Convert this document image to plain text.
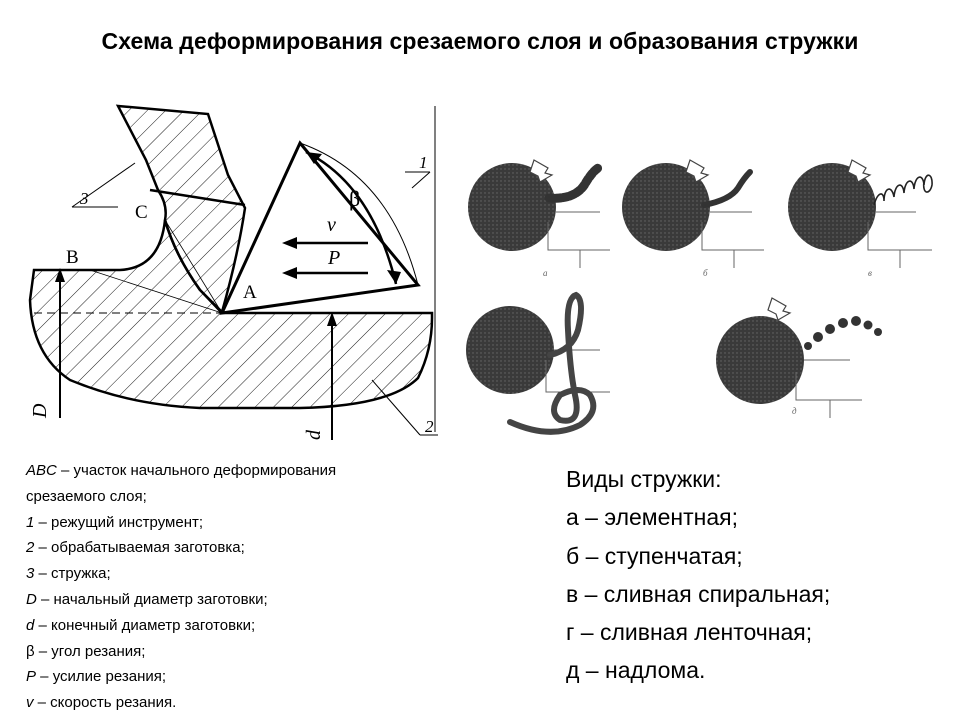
Схема деформирования срезаемого слоя и образования стружки
A
B
C
β
v
P
D
d
1
2
3
а	б	в
д
ABC – участок начального деформирования
срезаемого слоя;
1 – режущий инструмент;
2 – обрабатываемая заготовка;
3 – стружка;
D – начальный диаметр заготовки;
d – конечный диаметр заготовки;
β – угол резания;
P – усилие резания;
v – скорость резания.
Виды стружки:
а – элементная;
б – ступенчатая;
в – сливная спиральная;
г – сливная ленточная;
д – надлома.
